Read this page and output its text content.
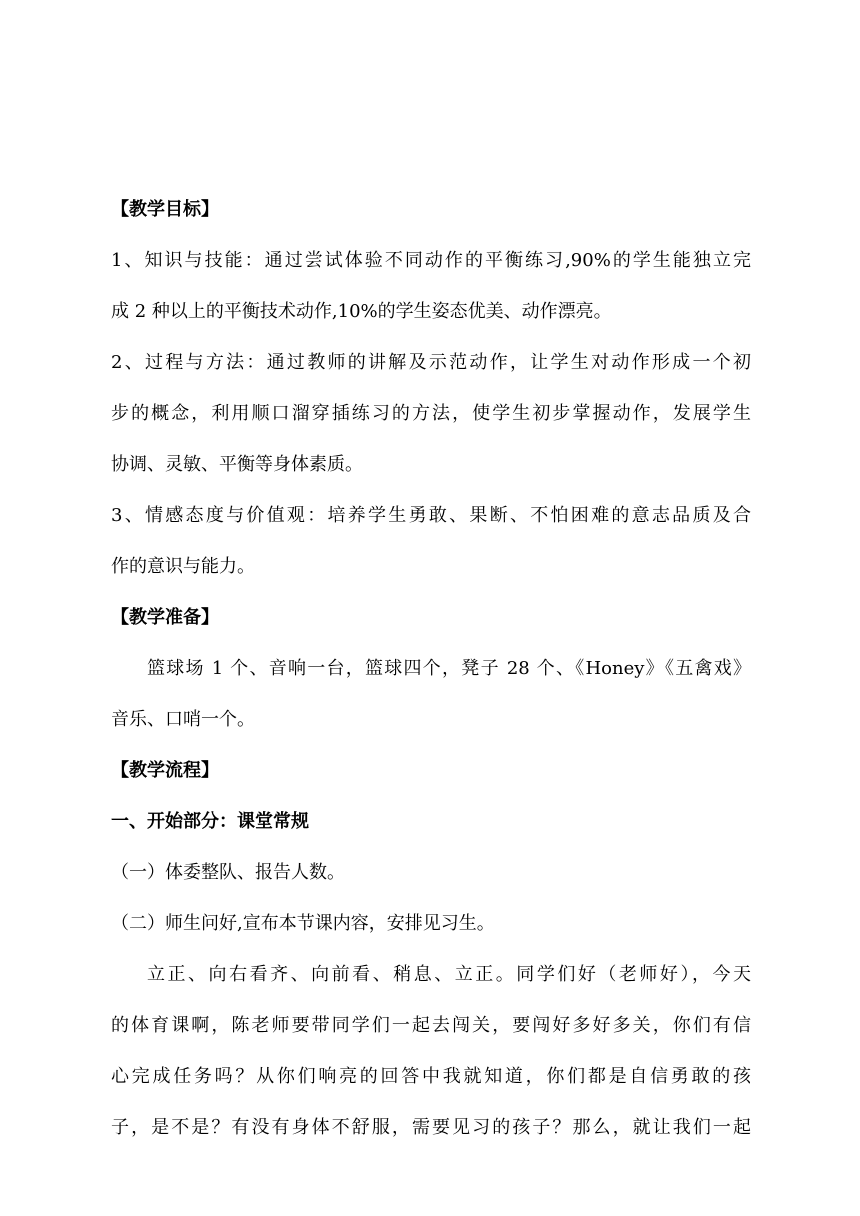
【教学目标】

1、知识与技能：通过尝试体验不同动作的平衡练习,90%的学生能独立完

成 2 种以上的平衡技术动作,10%的学生姿态优美、动作漂亮。

2、过程与方法：通过教师的讲解及示范动作，让学生对动作形成一个初

步的概念，利用顺口溜穿插练习的方法，使学生初步掌握动作，发展学生

协调、灵敏、平衡等身体素质。

3、情感态度与价值观：培养学生勇敢、果断、不怕困难的意志品质及合

作的意识与能力。

【教学准备】

篮球场 1 个、音响一台，篮球四个，凳子 28 个、《Honey》《五禽戏》

音乐、口哨一个。

【教学流程】

一、开始部分：课堂常规

（一）体委整队、报告人数。

（二）师生问好,宣布本节课内容，安排见习生。

立正、向右看齐、向前看、稍息、立正。同学们好（老师好），今天

的体育课啊，陈老师要带同学们一起去闯关，要闯好多好多关，你们有信

心完成任务吗？从你们响亮的回答中我就知道，你们都是自信勇敢的孩

子，是不是？有没有身体不舒服，需要见习的孩子？那么，就让我们一起
